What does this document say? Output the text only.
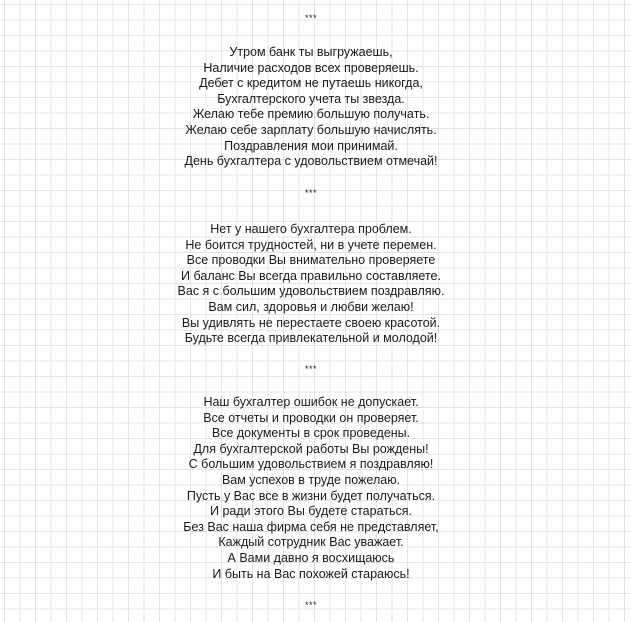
***
Утром банк ты выгружаешь,
Наличие расходов всех проверяешь.
Дебет с кредитом не путаешь никогда,
Бухгалтерского учета ты звезда.
Желаю тебе премию большую получать.
Желаю себе зарплату большую начислять.
Поздравления мои принимай.
День бухгалтера с удовольствием отмечай!
***
Нет у нашего бухгалтера проблем.
Не боится трудностей, ни в учете перемен.
Все проводки Вы внимательно проверяете
И баланс Вы всегда правильно составляете.
Вас я с большим удовольствием поздравляю.
Вам сил, здоровья и любви желаю!
Вы удивлять не перестаете своею красотой.
Будьте всегда привлекательной и молодой!
***
Наш бухгалтер ошибок не допускает.
Все отчеты и проводки он проверяет.
Все документы в срок проведены.
Для бухгалтерской работы Вы рождены!
С большим удовольствием я поздравляю!
Вам успехов в труде пожелаю.
Пусть у Вас все в жизни будет получаться.
И ради этого Вы будете стараться.
Без Вас наша фирма себя не представляет,
Каждый сотрудник Вас уважает.
А Вами давно я восхищаюсь
И быть на Вас похожей стараюсь!
***
